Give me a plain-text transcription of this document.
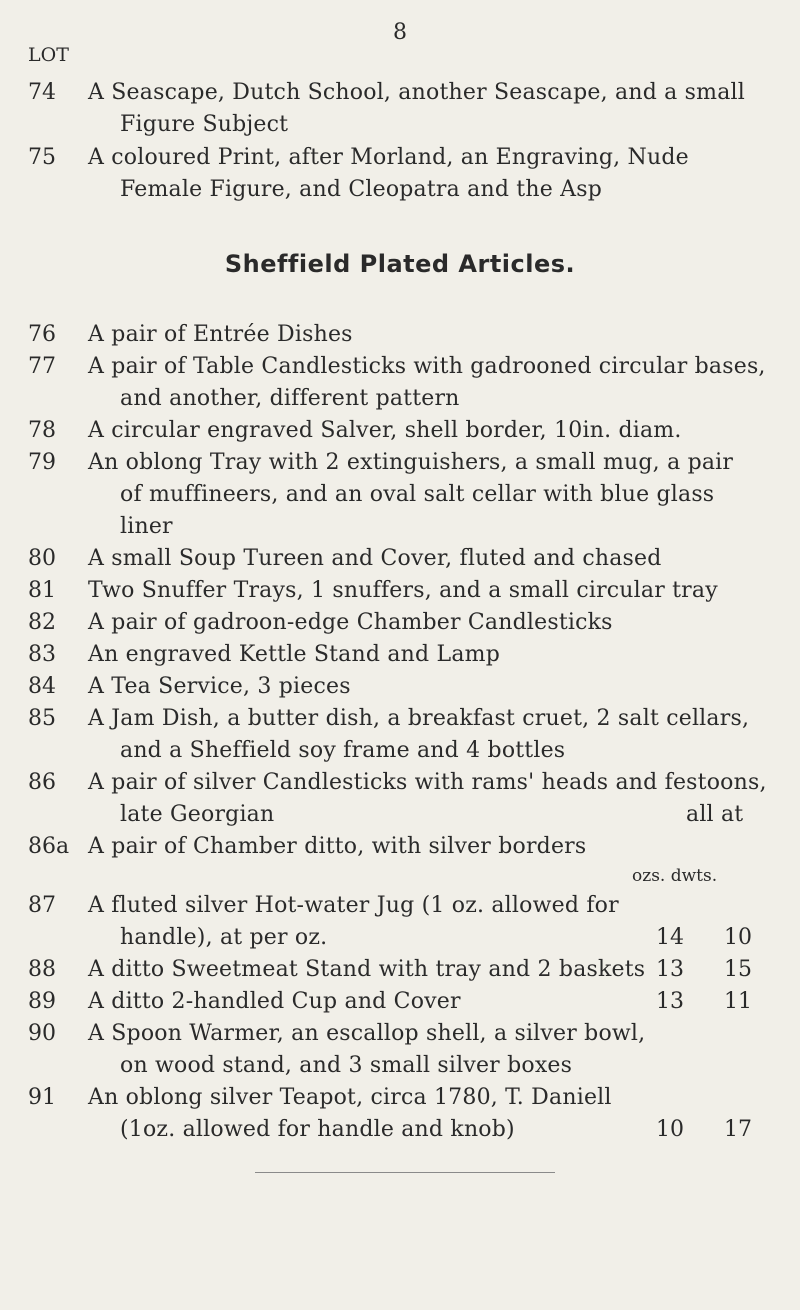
8
LOT
74 A Seascape, Dutch School, another Seascape, and a small
Figure Subject
75 A coloured Print, after Morland, an Engraving, Nude
Female Figure, and Cleopatra and the Asp
Sheffield Plated Articles.
76 A pair of Entrée Dishes
77 A pair of Table Candlesticks with gadrooned circular bases,
and another, different pattern
78 A circular engraved Salver, shell border, 10in. diam.
79 An oblong Tray with 2 extinguishers, a small mug, a pair
of muffineers, and an oval salt cellar with blue glass
liner
80 A small Soup Tureen and Cover, fluted and chased
81 Two Snuffer Trays, 1 snuffers, and a small circular tray
82 A pair of gadroon-edge Chamber Candlesticks
83 An engraved Kettle Stand and Lamp
84 A Tea Service, 3 pieces
85 A Jam Dish, a butter dish, a breakfast cruet, 2 salt cellars,
and a Sheffield soy frame and 4 bottles
86 A pair of silver Candlesticks with rams' heads and festoons,
late Georgian	all at
86a A pair of Chamber ditto, with silver borders
ozs. dwts.
87 A fluted silver Hot-water Jug (1 oz. allowed for
handle), at per oz.	14 10
88 A ditto Sweetmeat Stand with tray and 2 baskets 13 15
89 A ditto 2-handled Cup and Cover	13 11
90 A Spoon Warmer, an escallop shell, a silver bowl,
on wood stand, and 3 small silver boxes
91 An oblong silver Teapot, circa 1780, T. Daniell
(1oz. allowed for handle and knob)	10 17
